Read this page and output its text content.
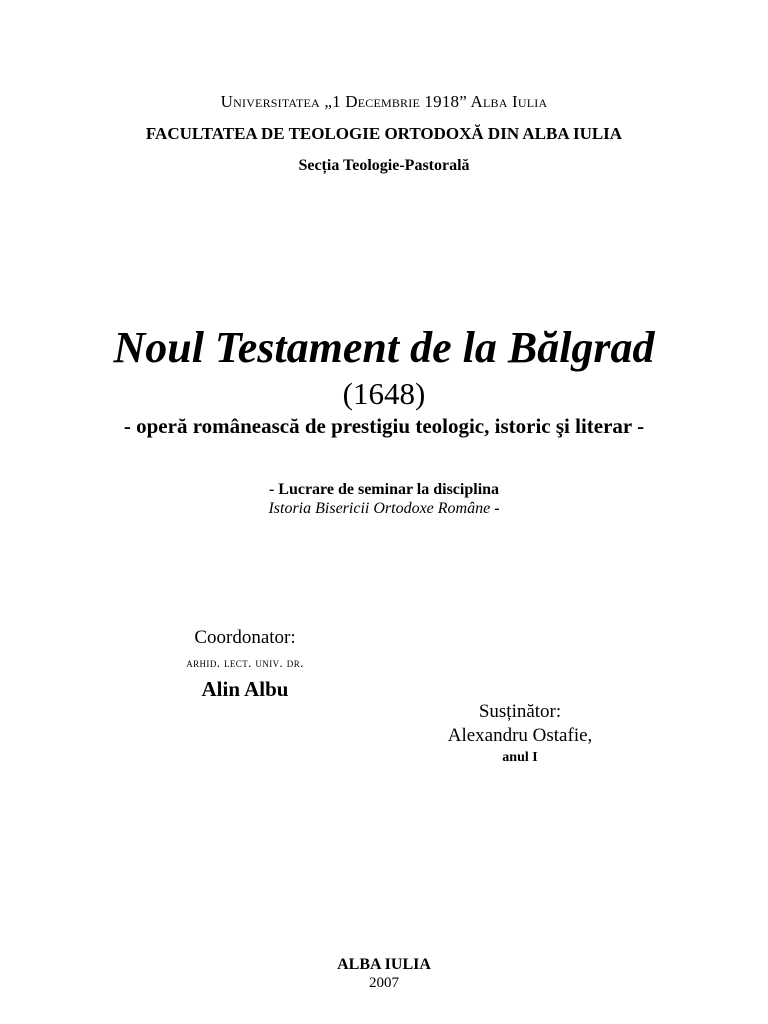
Universitatea „1 Decembrie 1918” Alba Iulia

FACULTATEA DE TEOLOGIE ORTODOXĂ DIN ALBA IULIA

Secția Teologie-Pastorală

Noul Testament de la Bălgrad

(1648)

- operă românească de prestigiu teologic, istoric şi literar -

- Lucrare de seminar la disciplina

Istoria Bisericii Ortodoxe Române -

Coordonator:
arhid. lect. univ. dr.
Alin Albu
Susținător:
Alexandru Ostafie,
anul I

ALBA IULIA

2007
